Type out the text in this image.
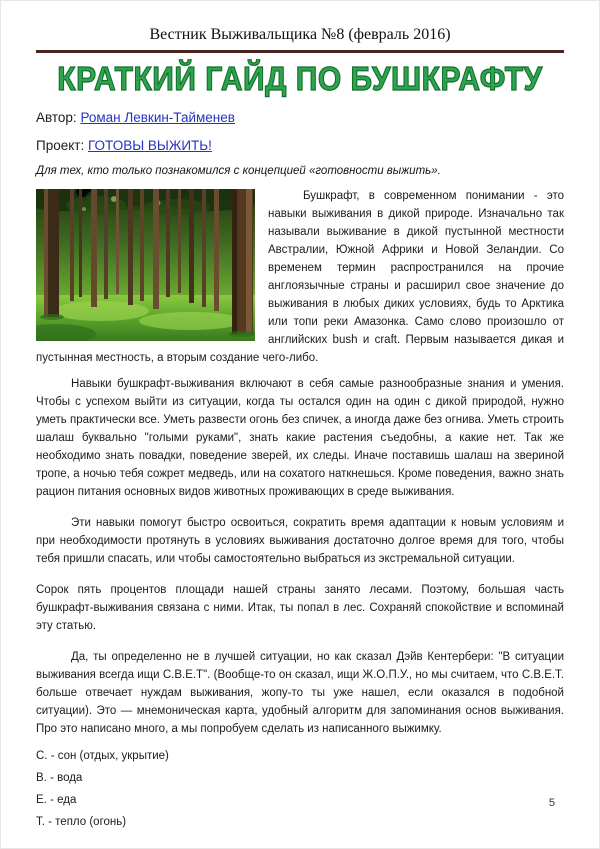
Вестник Выживальщика №8 (февраль 2016)
КРАТКИЙ ГАЙД ПО БУШКРАФТУ
Автор: Роман Левкин-Тайменев
Проект: ГОТОВЫ ВЫЖИТЬ!
Для тех, кто только познакомился с концепцией «готовности выжить».

Бушкрафт, в современном понимании - это навыки выживания в дикой природе. Изначально так называли выживание в дикой пустынной местности Австралии, Южной Африки и Новой Зеландии. Со временем термин распространился на прочие англоязычные страны и расширил свое значение до выживания в любых диких условиях, будь то Арктика или топи реки Амазонка. Само слово произошло от английских bush и craft. Первым называется дикая и пустынная местность, а вторым создание чего-либо.

Навыки бушкрафт-выживания включают в себя самые разнообразные знания и умения. Чтобы с успехом выйти из ситуации, когда ты остался один на один с дикой природой, нужно уметь практически все. Уметь развести огонь без спичек, а иногда даже без огнива. Уметь строить шалаш буквально "голыми руками", знать какие растения съедобны, а какие нет. Так же необходимо знать повадки, поведение зверей, их следы. Иначе поставишь шалаш на звериной тропе, а ночью тебя сожрет медведь, или на сохатого наткнешься. Кроме поведения, важно знать рацион питания основных видов животных проживающих в среде выживания.

Эти навыки помогут быстро освоиться, сократить время адаптации к новым условиям и при необходимости протянуть в условиях выживания достаточно долгое время для того, чтобы тебя пришли спасать, или чтобы самостоятельно выбраться из экстремальной ситуации.

Сорок пять процентов площади нашей страны занято лесами. Поэтому, большая часть бушкрафт-выживания связана с ними. Итак, ты попал в лес. Сохраняй спокойствие и вспоминай эту статью.

Да, ты определенно не в лучшей ситуации, но как сказал Дэйв Кентербери: "В ситуации выживания всегда ищи С.В.Е.Т". (Вообще-то он сказал, ищи Ж.О.П.У., но мы считаем, что С.В.Е.Т. больше отвечает нуждам выживания, жопу-то ты уже нашел, если оказался в подобной ситуации). Это — мнемоническая карта, удобный алгоритм для запоминания основ выживания. Про это написано много, а мы попробуем сделать из написанного выжимку.

С. - сон (отдых, укрытие)
В. - вода
Е. - еда
Т. - тепло (огонь)
5
